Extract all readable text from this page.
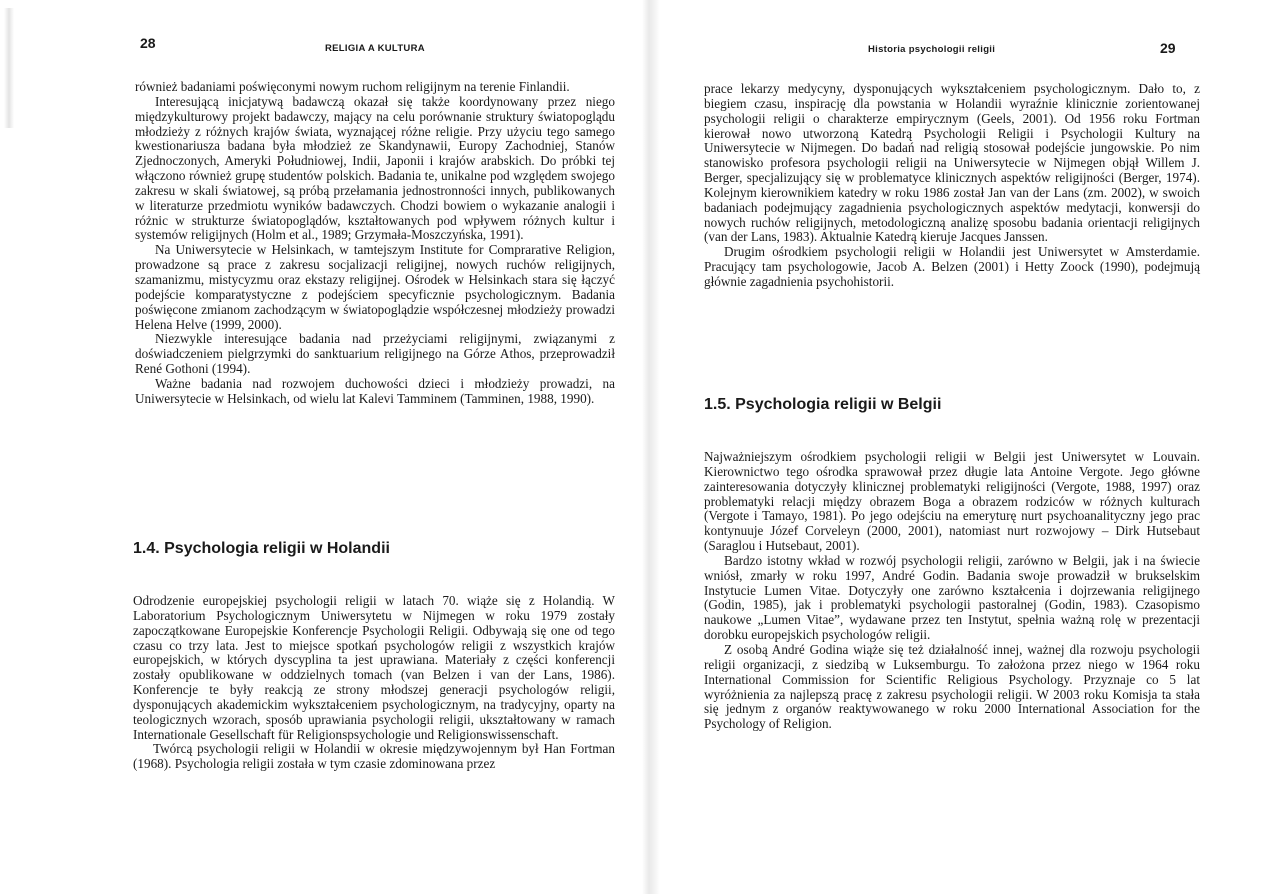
28	RELIGIA A KULTURA

również badaniami poświęconymi nowym ruchom religijnym na terenie Finlandii.

Interesującą inicjatywą badawczą okazał się także koordynowany przez niego międzykulturowy projekt badawczy, mający na celu porównanie struktury światopoglądu młodzieży z różnych krajów świata, wyznającej różne religie. Przy użyciu tego samego kwestionariusza badana była młodzież ze Skandynawii, Europy Zachodniej, Stanów Zjednoczonych, Ameryki Południowej, Indii, Japonii i krajów arabskich. Do próbki tej włączono również grupę studentów polskich. Badania te, unikalne pod względem swojego zakresu w skali światowej, są próbą przełamania jednostronności innych, publikowanych w literaturze przedmiotu wyników badawczych. Chodzi bowiem o wykazanie analogii i różnic w strukturze światopoglądów, kształtowanych pod wpływem różnych kultur i systemów religijnych (Holm et al., 1989; Grzymała-Moszczyńska, 1991).

Na Uniwersytecie w Helsinkach, w tamtejszym Institute for Comprarative Religion, prowadzone są prace z zakresu socjalizacji religijnej, nowych ruchów religijnych, szamanizmu, mistycyzmu oraz ekstazy religijnej. Ośrodek w Helsinkach stara się łączyć podejście komparatystyczne z podejściem specyficznie psychologicznym. Badania poświęcone zmianom zachodzącym w światopoglądzie współczesnej młodzieży prowadzi Helena Helve (1999, 2000).

Niezwykle interesujące badania nad przeżyciami religijnymi, związanymi z doświadczeniem pielgrzymki do sanktuarium religijnego na Górze Athos, przeprowadził René Gothoni (1994).

Ważne badania nad rozwojem duchowości dzieci i młodzieży prowadzi, na Uniwersytecie w Helsinkach, od wielu lat Kalevi Tamminem (Tamminen, 1988, 1990).

1.4. Psychologia religii w Holandii

Odrodzenie europejskiej psychologii religii w latach 70. wiąże się z Holandią. W Laboratorium Psychologicznym Uniwersytetu w Nijmegen w roku 1979 zostały zapoczątkowane Europejskie Konferencje Psychologii Religii. Odbywają się one od tego czasu co trzy lata. Jest to miejsce spotkań psychologów religii z wszystkich krajów europejskich, w których dyscyplina ta jest uprawiana. Materiały z części konferencji zostały opublikowane w oddzielnych tomach (van Belzen i van der Lans, 1986). Konferencje te były reakcją ze strony młodszej generacji psychologów religii, dysponujących akademickim wykształceniem psychologicznym, na tradycyjny, oparty na teologicznych wzorach, sposób uprawiania psychologii religii, ukształtowany w ramach Internationale Gesellschaft für Religionspsychologie und Religionswissenschaft.

Twórcą psychologii religii w Holandii w okresie międzywojennym był Han Fortman (1968). Psychologia religii została w tym czasie zdominowana przez

Historia psychologii religii	29

prace lekarzy medycyny, dysponujących wykształceniem psychologicznym. Dało to, z biegiem czasu, inspirację dla powstania w Holandii wyraźnie klinicznie zorientowanej psychologii religii o charakterze empirycznym (Geels, 2001). Od 1956 roku Fortman kierował nowo utworzoną Katedrą Psychologii Religii i Psychologii Kultury na Uniwersytecie w Nijmegen. Do badań nad religią stosował podejście jungowskie. Po nim stanowisko profesora psychologii religii na Uniwersytecie w Nijmegen objął Willem J. Berger, specjalizujący się w problematyce klinicznych aspektów religijności (Berger, 1974). Kolejnym kierownikiem katedry w roku 1986 został Jan van der Lans (zm. 2002), w swoich badaniach podejmujący zagadnienia psychologicznych aspektów medytacji, konwersji do nowych ruchów religijnych, metodologiczną analizę sposobu badania orientacji religijnych (van der Lans, 1983). Aktualnie Katedrą kieruje Jacques Janssen.

Drugim ośrodkiem psychologii religii w Holandii jest Uniwersytet w Amsterdamie. Pracujący tam psychologowie, Jacob A. Belzen (2001) i Hetty Zoock (1990), podejmują głównie zagadnienia psychohistorii.

1.5. Psychologia religii w Belgii

Najważniejszym ośrodkiem psychologii religii w Belgii jest Uniwersytet w Louvain. Kierownictwo tego ośrodka sprawował przez długie lata Antoine Vergote. Jego główne zainteresowania dotyczyły klinicznej problematyki religijności (Vergote, 1988, 1997) oraz problematyki relacji między obrazem Boga a obrazem rodziców w różnych kulturach (Vergote i Tamayo, 1981). Po jego odejściu na emeryturę nurt psychoanalityczny jego prac kontynuuje Józef Corveleyn (2000, 2001), natomiast nurt rozwojowy – Dirk Hutsebaut (Saraglou i Hutsebaut, 2001).

Bardzo istotny wkład w rozwój psychologii religii, zarówno w Belgii, jak i na świecie wniósł, zmarły w roku 1997, André Godin. Badania swoje prowadził w brukselskim Instytucie Lumen Vitae. Dotyczyły one zarówno kształcenia i dojrzewania religijnego (Godin, 1985), jak i problematyki psychologii pastoralnej (Godin, 1983). Czasopismo naukowe „Lumen Vitae”, wydawane przez ten Instytut, spełnia ważną rolę w prezentacji dorobku europejskich psychologów religii.

Z osobą André Godina wiąże się też działalność innej, ważnej dla rozwoju psychologii religii organizacji, z siedzibą w Luksemburgu. To założona przez niego w 1964 roku International Commission for Scientific Religious Psychology. Przyznaje co 5 lat wyróżnienia za najlepszą pracę z zakresu psychologii religii. W 2003 roku Komisja ta stała się jednym z organów reaktywowanego w roku 2000 International Association for the Psychology of Religion.
